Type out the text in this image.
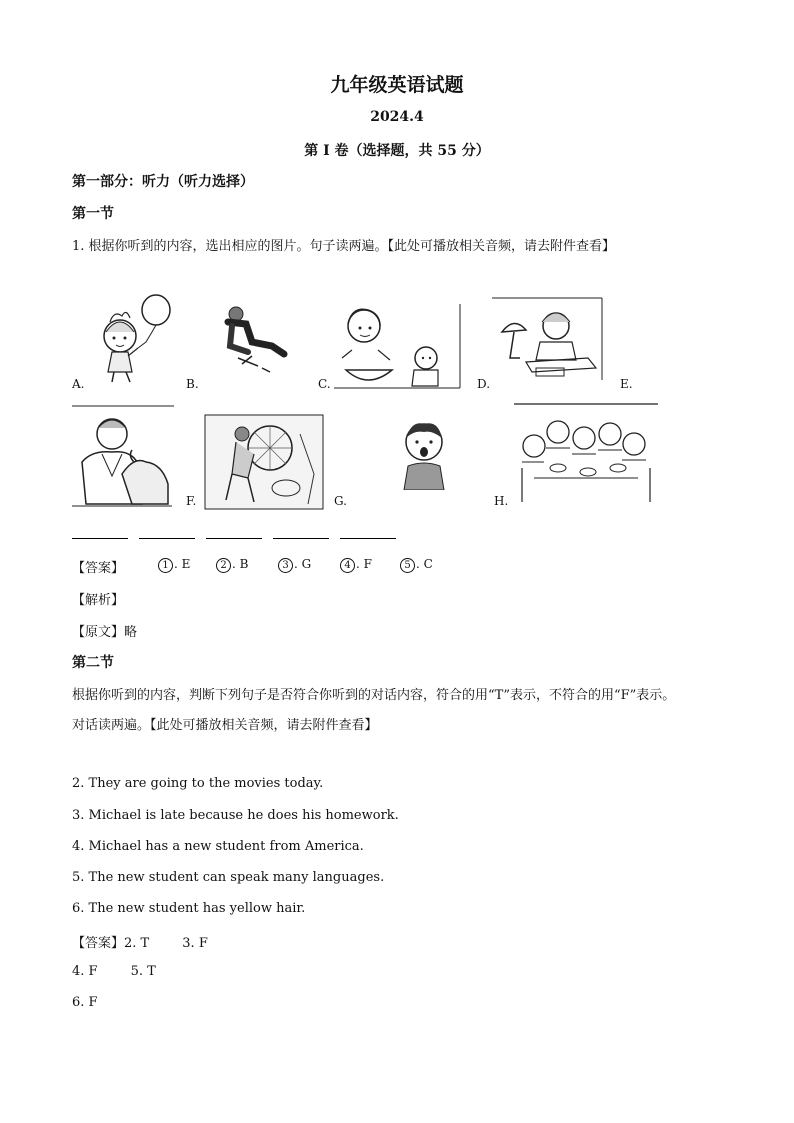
九年级英语试题
2024.4
第 I 卷（选择题，共 55 分）
第一部分：听力（听力选择）
第一节
1. 根据你听到的内容，选出相应的图片。句子读两遍。【此处可播放相关音频，请去附件查看】
A.	B.	C.	D.	E.
F.	G.	H.
【答案】	1 . E	2 . B	3 . G	4 . F	5 . C
【解析】
【原文】略
第二节
根据你听到的内容，判断下列句子是否符合你听到的对话内容，符合的用“T”表示，不符合的用“F”表示。
对话读两遍。【此处可播放相关音频，请去附件查看】
2. They are going to the movies today.
3. Michael is late because he does his homework.
4. Michael has a new student from America.
5. The new student can speak many languages.
6. The new student has yellow hair.
【答案】2. T        3. F
4. F        5. T
6. F
